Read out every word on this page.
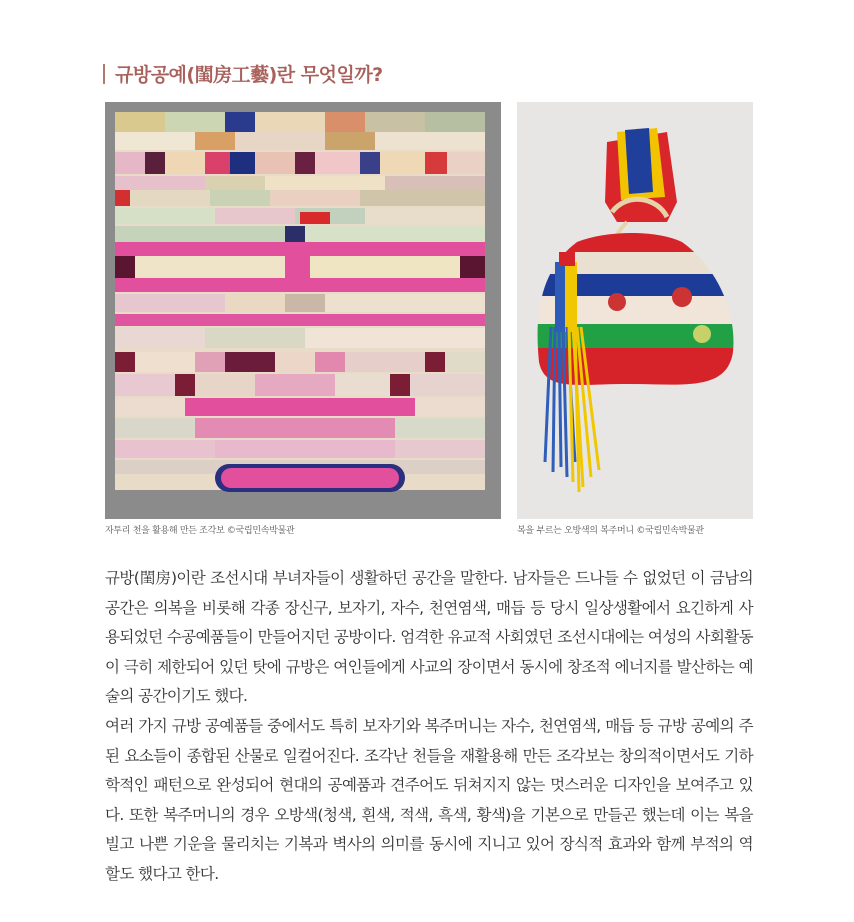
규방공예(閨房工藝)란 무엇일까?
자투리 천을 활용해 만든 조각보 ©국립민속박물관	복을 부르는 오방색의 복주머니 ©국립민속박물관

규방(閨房)이란 조선시대 부녀자들이 생활하던 공간을 말한다. 남자들은 드나들 수 없었던 이 금남의 공간은 의복을 비롯해 각종 장신구, 보자기, 자수, 천연염색, 매듭 등 당시 일상생활에서 요긴하게 사용되었던 수공예품들이 만들어지던 공방이다. 엄격한 유교적 사회였던 조선시대에는 여성의 사회활동이 극히 제한되어 있던 탓에 규방은 여인들에게 사교의 장이면서 동시에 창조적 에너지를 발산하는 예술의 공간이기도 했다.

여러 가지 규방 공예품들 중에서도 특히 보자기와 복주머니는 자수, 천연염색, 매듭 등 규방 공예의 주된 요소들이 종합된 산물로 일컬어진다. 조각난 천들을 재활용해 만든 조각보는 창의적이면서도 기하학적인 패턴으로 완성되어 현대의 공예품과 견주어도 뒤쳐지지 않는 멋스러운 디자인을 보여주고 있다. 또한 복주머니의 경우 오방색(청색, 흰색, 적색, 흑색, 황색)을 기본으로 만들곤 했는데 이는 복을 빌고 나쁜 기운을 물리치는 기복과 벽사의 의미를 동시에 지니고 있어 장식적 효과와 함께 부적의 역할도 했다고 한다.
